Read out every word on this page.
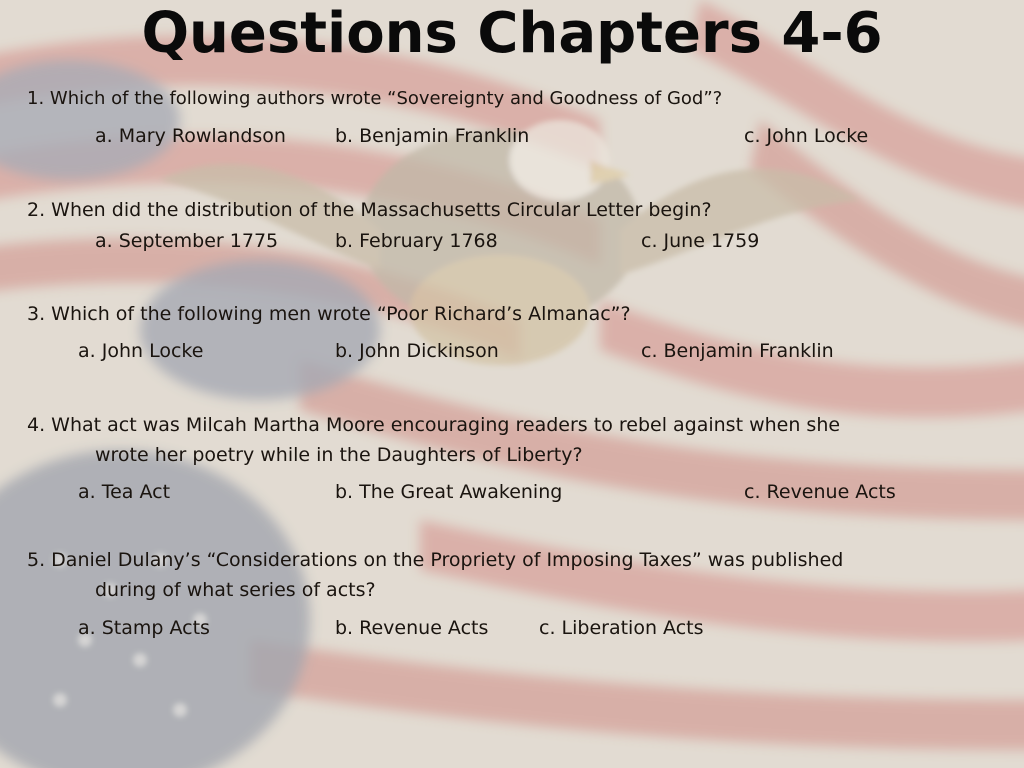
Questions Chapters 4-6
1. Which of the following authors wrote “Sovereignty and Goodness of God”?
a. Mary Rowlandson	b. Benjamin Franklin	c. John Locke
2. When did the distribution of the Massachusetts Circular Letter begin?
a. September 1775	b. February 1768	c. June 1759
3. Which of the following men wrote “Poor Richard’s Almanac”?
a. John Locke	b. John Dickinson	c. Benjamin Franklin
4. What act was Milcah Martha Moore encouraging readers to rebel against when she
wrote her poetry while in the Daughters of Liberty?
a. Tea Act	b. The Great Awakening	c. Revenue Acts
5. Daniel Dulany’s “Considerations on the Propriety of Imposing Taxes” was published
during of what series of acts?
a. Stamp Acts	b. Revenue Acts	c. Liberation Acts
